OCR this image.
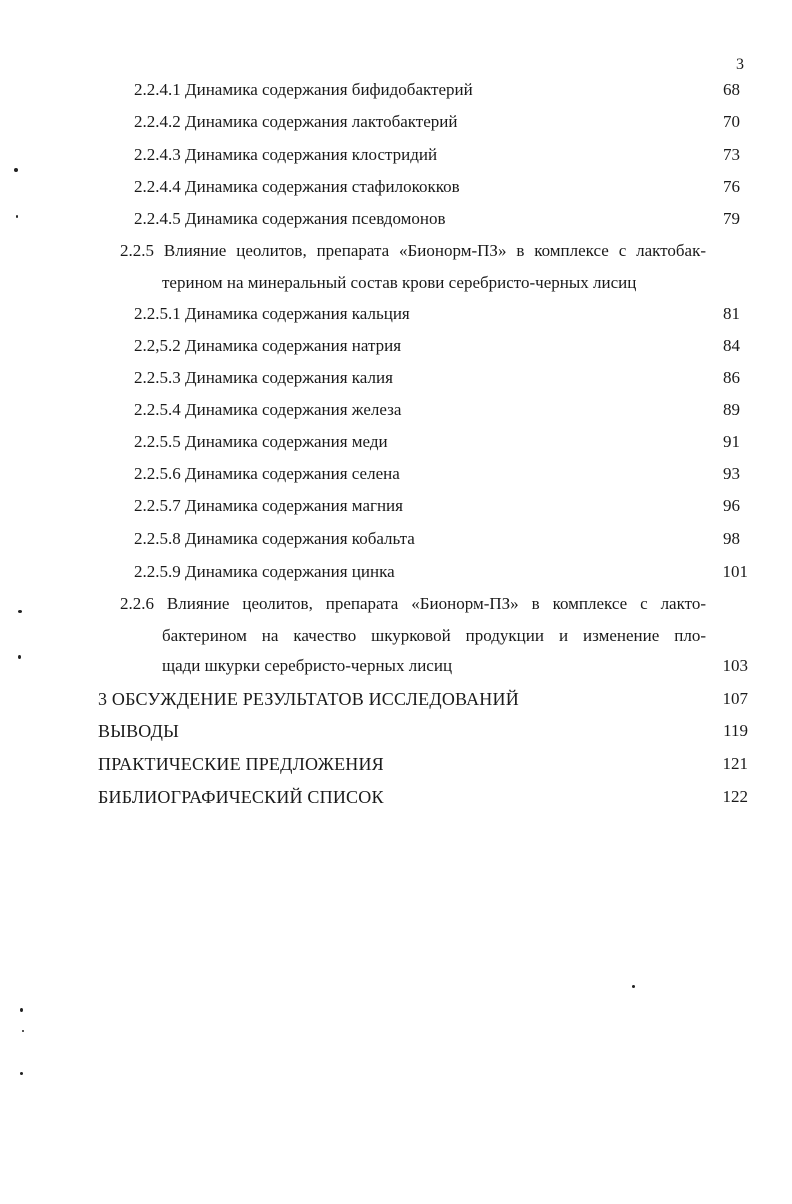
3
2.2.4.1 Динамика содержания бифидобактерий	68
2.2.4.2 Динамика содержания лактобактерий	70
2.2.4.3 Динамика содержания клостридий	73
2.2.4.4 Динамика содержания стафилококков	76
2.2.4.5 Динамика содержания псевдомонов	79
2.2.5 Влияние цеолитов, препарата «Бионорм-ПЗ» в комплексе с лактобак-
терином на минеральный состав крови серебристо-черных лисиц
2.2.5.1 Динамика содержания кальция	81
2.2,5.2 Динамика содержания натрия	84
2.2.5.3 Динамика содержания калия	86
2.2.5.4 Динамика содержания железа	89
2.2.5.5 Динамика содержания меди	91
2.2.5.6 Динамика содержания селена	93
2.2.5.7 Динамика содержания магния	96
2.2.5.8 Динамика содержания кобальта	98
2.2.5.9 Динамика содержания цинка	101
2.2.6 Влияние цеолитов, препарата «Бионорм-ПЗ» в комплексе с лакто-
бактерином на качество шкурковой продукции и изменение пло-
щади шкурки серебристо-черных лисиц	103
3 ОБСУЖДЕНИЕ РЕЗУЛЬТАТОВ ИССЛЕДОВАНИЙ	107
ВЫВОДЫ	119
ПРАКТИЧЕСКИЕ ПРЕДЛОЖЕНИЯ	121
БИБЛИОГРАФИЧЕСКИЙ СПИСОК	122
